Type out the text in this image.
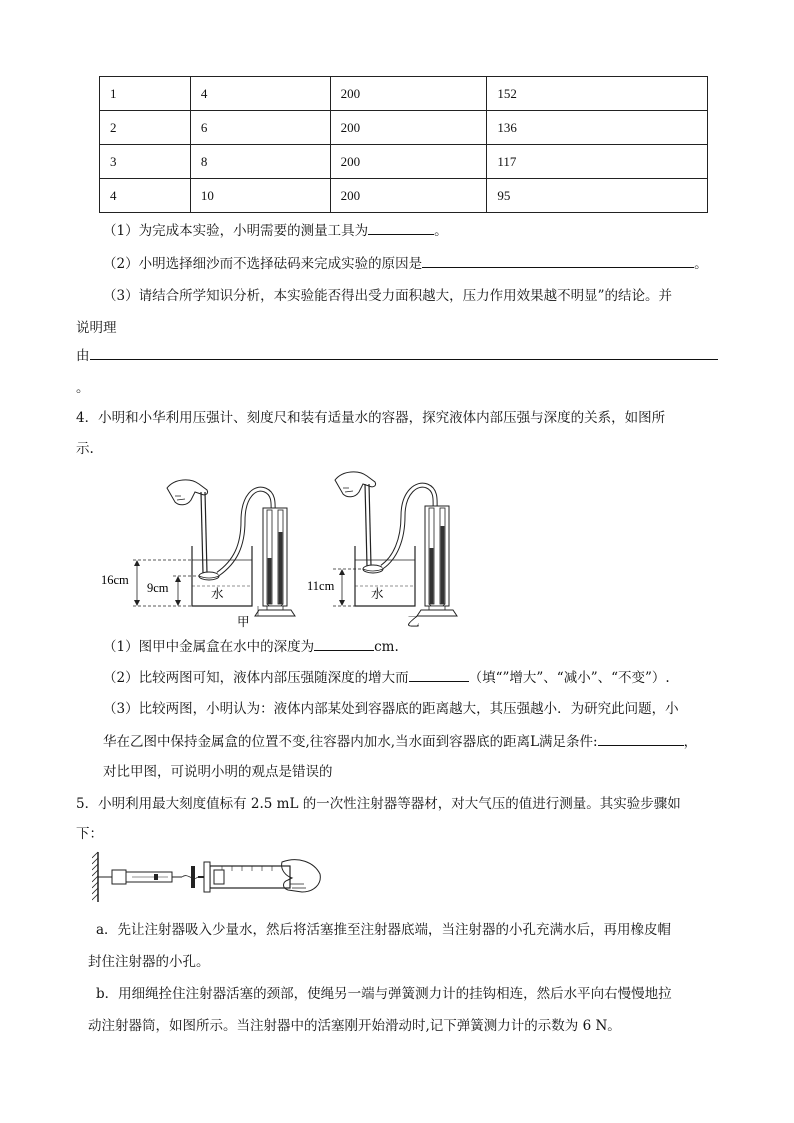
1	4	200	152
2	6	200	136
3	8	200	117
4	10	200	95
（1）为完成本实验，小明需要的测量工具为	。
（2）小明选择细沙而不选择砝码来完成实验的原因是	。
（3）请结合所学知识分析，本实验能否得出受力面积越大，压力作用效果越不明显”的结论。并
说明理
由
。
4．小明和小华利用压强计、刻度尺和装有适量水的容器，探究液体内部压强与深度的关系，如图所
示.
16cm
9cm	水
甲
11cm
水
乙
（1）图甲中金属盒在水中的深度为	cm.
（2）比较两图可知，液体内部压强随深度的增大而	（填“”增大”、“减小”、“不变”）.
（3）比较两图，小明认为：液体内部某处到容器底的距离越大，其压强越小．为研究此问题，小
华在乙图中保持金属盒的位置不变,往容器内加水,当水面到容器底的距离L满足条件:	，
对比甲图，可说明小明的观点是错误的
5．小明利用最大刻度值标有 2.5 mL 的一次性注射器等器材，对大气压的值进行测量。其实验步骤如
下：
a．先让注射器吸入少量水，然后将活塞推至注射器底端，当注射器的小孔充满水后，再用橡皮帽
封住注射器的小孔。
b．用细绳拴住注射器活塞的颈部，使绳另一端与弹簧测力计的挂钩相连，然后水平向右慢慢地拉
动注射器筒，如图所示。当注射器中的活塞刚开始滑动时,记下弹簧测力计的示数为 6 N。
